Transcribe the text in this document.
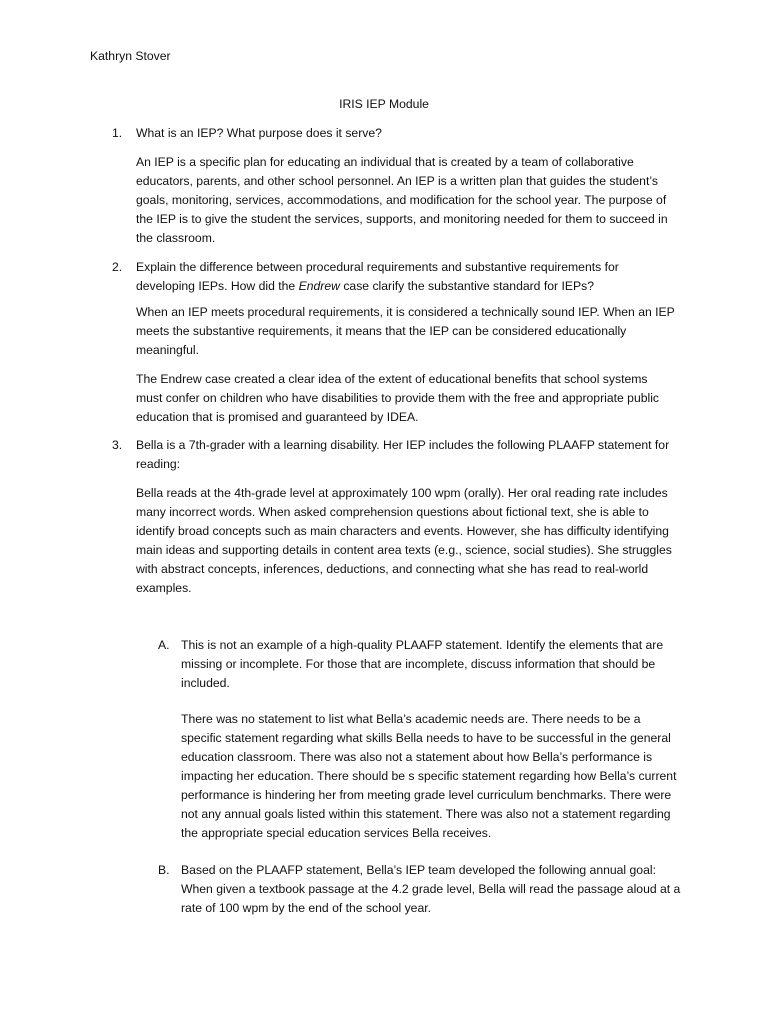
Kathryn Stover
IRIS IEP Module
1. What is an IEP? What purpose does it serve?

An IEP is a specific plan for educating an individual that is created by a team of collaborative educators, parents, and other school personnel. An IEP is a written plan that guides the student’s goals, monitoring, services, accommodations, and modification for the school year. The purpose of the IEP is to give the student the services, supports, and monitoring needed for them to succeed in the classroom.

2. Explain the difference between procedural requirements and substantive requirements for developing IEPs. How did the Endrew case clarify the substantive standard for IEPs?

When an IEP meets procedural requirements, it is considered a technically sound IEP. When an IEP meets the substantive requirements, it means that the IEP can be considered educationally meaningful.

The Endrew case created a clear idea of the extent of educational benefits that school systems must confer on children who have disabilities to provide them with the free and appropriate public education that is promised and guaranteed by IDEA.

3. Bella is a 7th-grader with a learning disability. Her IEP includes the following PLAAFP statement for reading:

Bella reads at the 4th-grade level at approximately 100 wpm (orally). Her oral reading rate includes many incorrect words. When asked comprehension questions about fictional text, she is able to identify broad concepts such as main characters and events. However, she has difficulty identifying main ideas and supporting details in content area texts (e.g., science, social studies). She struggles with abstract concepts, inferences, deductions, and connecting what she has read to real-world examples.

A. This is not an example of a high-quality PLAAFP statement. Identify the elements that are missing or incomplete. For those that are incomplete, discuss information that should be included.

There was no statement to list what Bella’s academic needs are. There needs to be a specific statement regarding what skills Bella needs to have to be successful in the general education classroom. There was also not a statement about how Bella’s performance is impacting her education. There should be s specific statement regarding how Bella’s current performance is hindering her from meeting grade level curriculum benchmarks. There were not any annual goals listed within this statement. There was also not a statement regarding the appropriate special education services Bella receives.

B. Based on the PLAAFP statement, Bella’s IEP team developed the following annual goal: When given a textbook passage at the 4.2 grade level, Bella will read the passage aloud at a rate of 100 wpm by the end of the school year.
